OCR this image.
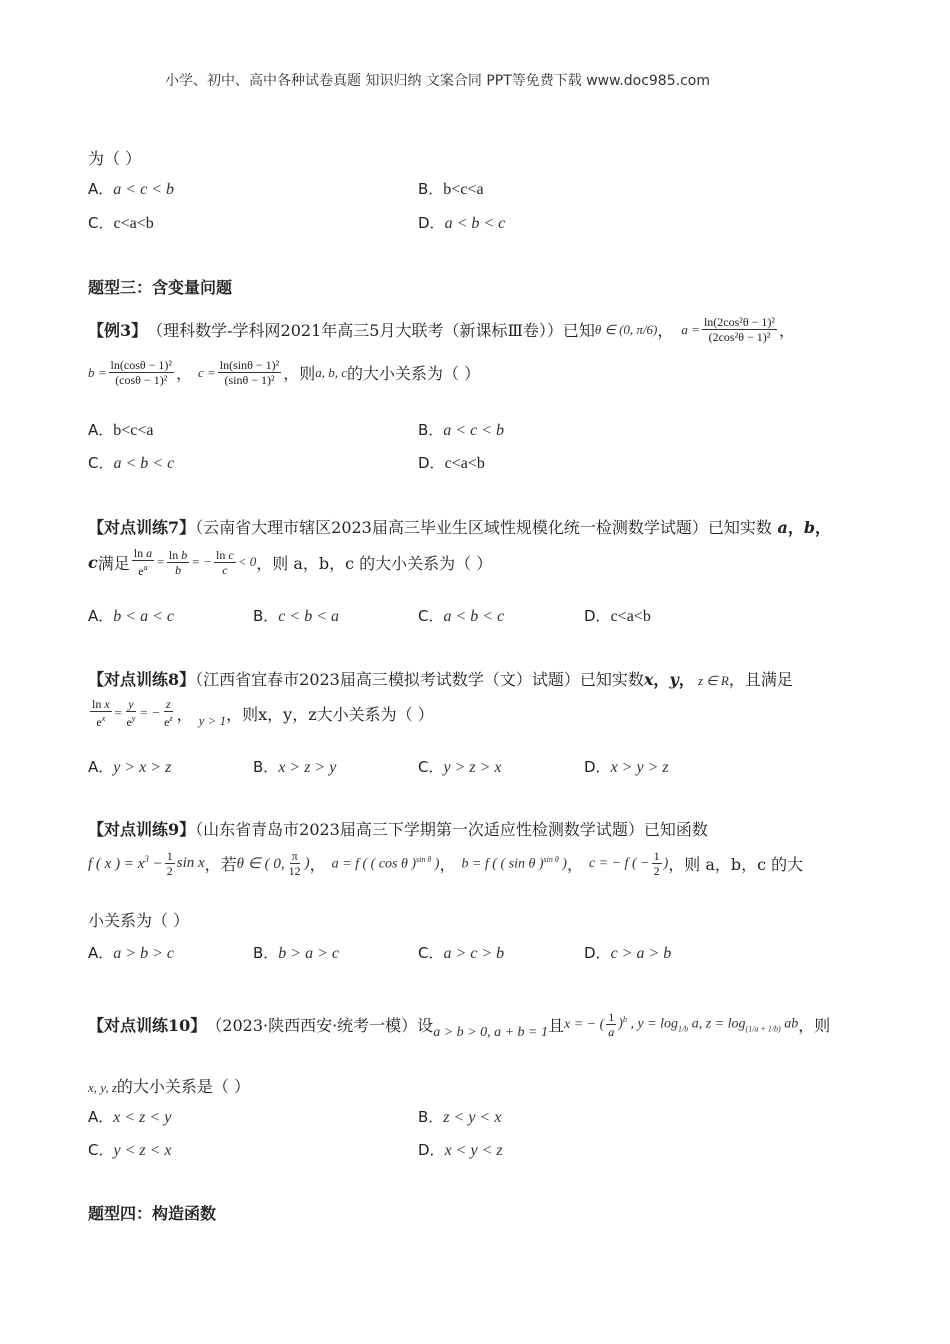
小学、初中、高中各种试卷真题 知识归纳 文案合同 PPT等免费下载 www.doc985.com
为（ ）
A．a < c < b	B．b<c<a
C．c<a<b	D．a < b < c
题型三：含变量问题
【例3】 （理科数学-学科网2021年高三5月大联考（新课标Ⅲ卷））已知 θ ∈ (0, π/6) ， $a = \frac{\text{ln(2cos²θ − 1)²}}{\text{(2cos²θ − 1)²}}$ ，
$b = \frac{\text{ln(cosθ − 1)²}}{\text{(cosθ − 1)²}}$ ， $c = \frac{\text{ln(sinθ − 1)²}}{\text{(sinθ − 1)²}}$ ，则 a, b, c 的大小关系为（ ）
A．b<c<a	B．a < c < b
C．a < b < c	D．c<a<b
【对点训练7】（云南省大理市辖区2023届高三毕业生区域性规模化统一检测数学试题）已知实数 a，b，
c 满足 $\frac{\text{ln a}}{e^a} = \frac{\text{ln b}}{b}$ = − $\frac{\text{ln c}}{c} < 0$ ，则 a，b，c 的大小关系为（ ）
A．b < a < c	B．c < b < a	C．a < b < c	D．c<a<b
【对点训练8】（江西省宜春市2023届高三模拟考试数学（文）试题）已知实数x，y， z ∈ R，且满足
$\frac{\text{ln x}}{e^x} = \frac{y}{e^y}$ = − $\frac{z}{e^z}$ ， y > 1 ，则x，y，z大小关系为（ ）
A．y > x > z	B．x > z > y	C．y > z > x	D．x > y > z
【对点训练9】（山东省青岛市2023届高三下学期第一次适应性检测数学试题）已知函数
f ( x ) = $x^3 - \frac{1}{2}$ sin x ，若 θ ∈ ( 0, $\frac{\pi}{12}$ ) ， a = f ( ( cos θ )$^{sin \theta}$ ) ， b = f ( ( sin θ )$^{sin \theta}$ ) ， c = − f ( − $\frac{1}{2}$ ) ，则 a，b，c 的大
小关系为（ ）
A．a > b > c	B．b > a > c	C．a > c > b	D．c > a > b
【对点训练10】 （2023·陕西西安·统考一模）设 a > b > 0, a + b = 1 且 x = − ( $\frac{1}{a} )^b$ , $y = \log_{1/b} a$, $z = \log_{(1/a + 1/b)}$ ab ，则
x, y, z的大小关系是（ ）
A．x < z < y	B．z < y < x
C．y < z < x	D．x < y < z
题型四：构造函数
